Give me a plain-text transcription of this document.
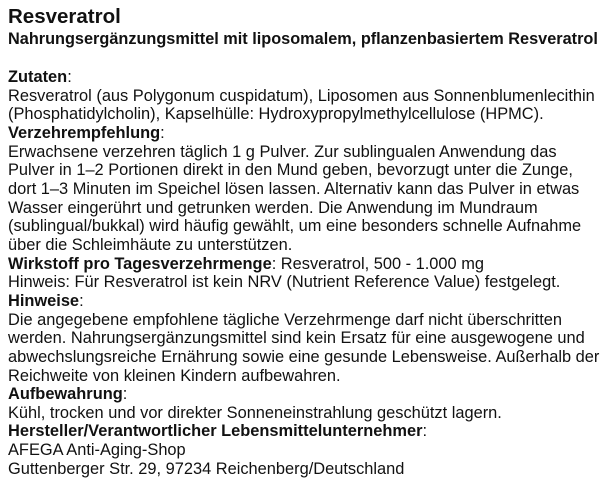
Resveratrol
Nahrungsergänzungsmittel mit liposomalem, pflanzenbasiertem Resveratrol
Zutaten:
Resveratrol (aus Polygonum cuspidatum), Liposomen aus Sonnenblumenlecithin
(Phosphatidylcholin), Kapselhülle: Hydroxypropylmethylcellulose (HPMC).
Verzehrempfehlung:
Erwachsene verzehren täglich 1 g Pulver. Zur sublingualen Anwendung das
Pulver in 1–2 Portionen direkt in den Mund geben, bevorzugt unter die Zunge,
dort 1–3 Minuten im Speichel lösen lassen. Alternativ kann das Pulver in etwas
Wasser eingerührt und getrunken werden. Die Anwendung im Mundraum
(sublingual/bukkal) wird häufig gewählt, um eine besonders schnelle Aufnahme
über die Schleimhäute zu unterstützen.
Wirkstoff pro Tagesverzehrmenge: Resveratrol, 500 - 1.000 mg
Hinweis: Für Resveratrol ist kein NRV (Nutrient Reference Value) festgelegt.
Hinweise:
Die angegebene empfohlene tägliche Verzehrmenge darf nicht überschritten
werden. Nahrungsergänzungsmittel sind kein Ersatz für eine ausgewogene und
abwechslungsreiche Ernährung sowie eine gesunde Lebensweise. Außerhalb der
Reichweite von kleinen Kindern aufbewahren.
Aufbewahrung:
Kühl, trocken und vor direkter Sonneneinstrahlung geschützt lagern.
Hersteller/Verantwortlicher Lebensmittelunternehmer:
AFEGA Anti-Aging-Shop
Guttenberger Str. 29, 97234 Reichenberg/Deutschland
